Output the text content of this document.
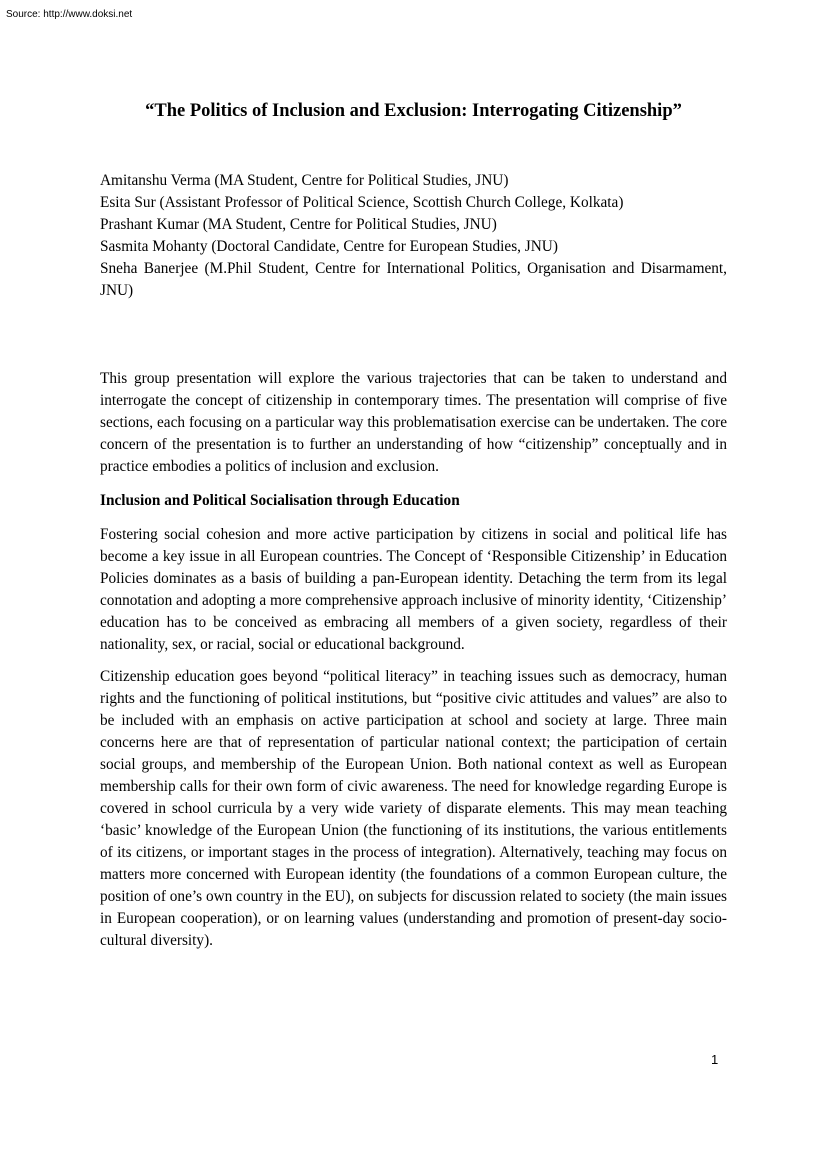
Source: http://www.doksi.net

“The Politics of Inclusion and Exclusion: Interrogating Citizenship”
Amitanshu Verma (MA Student, Centre for Political Studies, JNU)
Esita Sur (Assistant Professor of Political Science, Scottish Church College, Kolkata)
Prashant Kumar (MA Student, Centre for Political Studies, JNU)
Sasmita Mohanty (Doctoral Candidate, Centre for European Studies, JNU)
Sneha Banerjee (M.Phil Student, Centre for International Politics, Organisation and Disarmament, JNU)

This group presentation will explore the various trajectories that can be taken to understand and interrogate the concept of citizenship in contemporary times. The presentation will comprise of five sections, each focusing on a particular way this problematisation exercise can be undertaken. The core concern of the presentation is to further an understanding of how “citizenship” conceptually and in practice embodies a politics of inclusion and exclusion.

Inclusion and Political Socialisation through Education

Fostering social cohesion and more active participation by citizens in social and political life has become a key issue in all European countries. The Concept of ‘Responsible Citizenship’ in Education Policies dominates as a basis of building a pan-European identity. Detaching the term from its legal connotation and adopting a more comprehensive approach inclusive of minority identity, ‘Citizenship’ education has to be conceived as embracing all members of a given society, regardless of their nationality, sex, or racial, social or educational background.

Citizenship education goes beyond “political literacy” in teaching issues such as democracy, human rights and the functioning of political institutions, but “positive civic attitudes and values” are also to be included with an emphasis on active participation at school and society at large. Three main concerns here are that of representation of particular national context; the participation of certain social groups, and membership of the European Union. Both national context as well as European membership calls for their own form of civic awareness. The need for knowledge regarding Europe is covered in school curricula by a very wide variety of disparate elements. This may mean teaching ‘basic’ knowledge of the European Union (the functioning of its institutions, the various entitlements of its citizens, or important stages in the process of integration). Alternatively, teaching may focus on matters more concerned with European identity (the foundations of a common European culture, the position of one’s own country in the EU), on subjects for discussion related to society (the main issues in European cooperation), or on learning values (understanding and promotion of present-day socio-cultural diversity).

1
